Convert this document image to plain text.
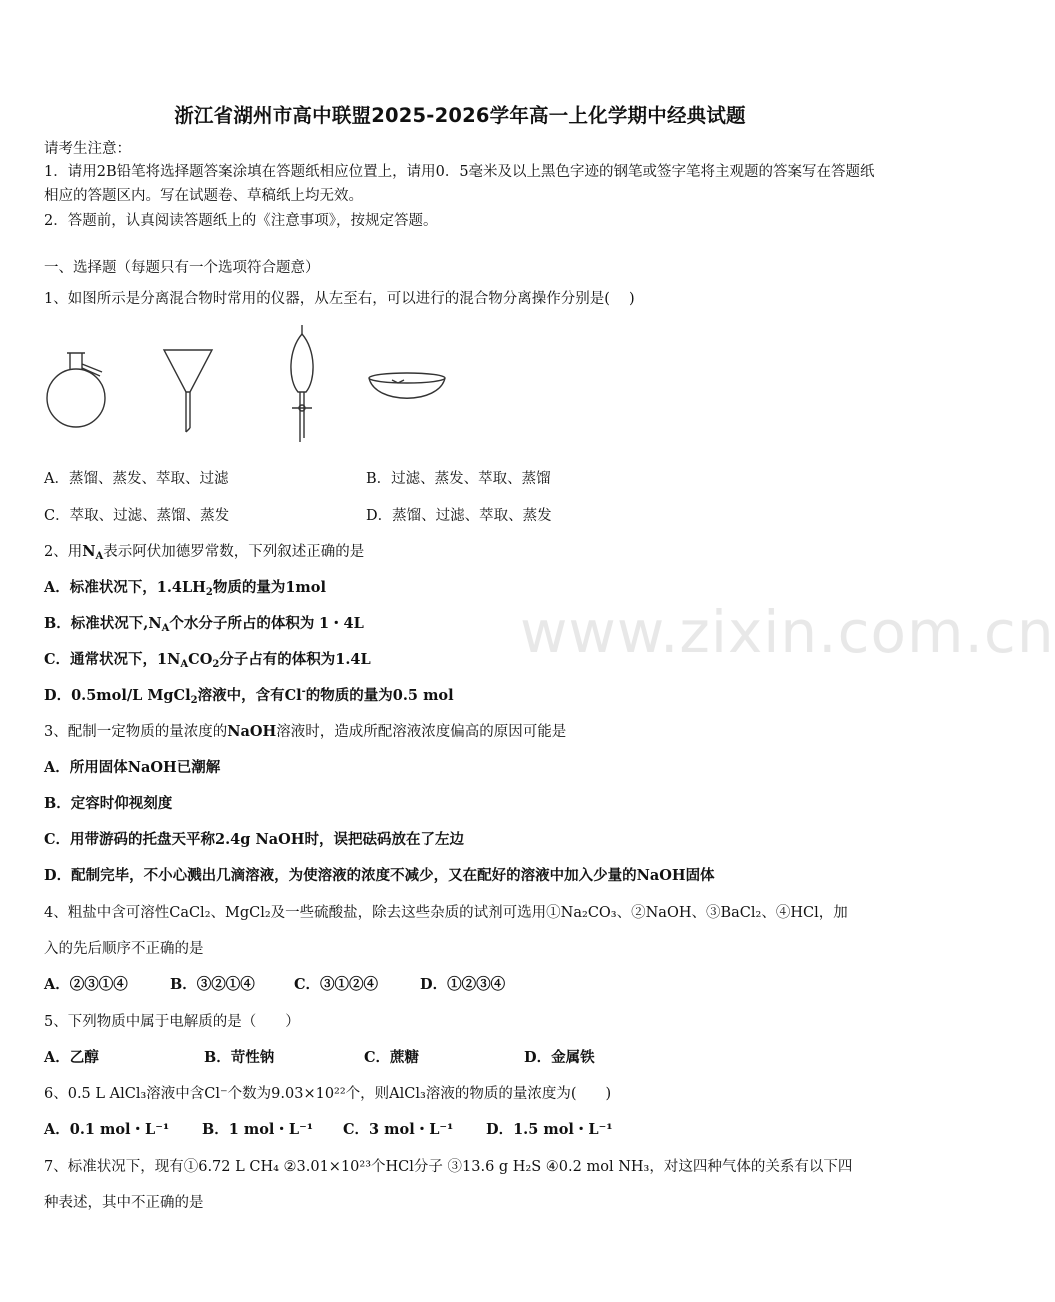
www.zixin.com.cn
浙江省湖州市高中联盟2025-2026学年高一上化学期中经典试题
请考生注意：
1．请用2B铅笔将选择题答案涂填在答题纸相应位置上，请用0．5毫米及以上黑色字迹的钢笔或签字笔将主观题的答案写在答题纸相应的答题区内。写在试题卷、草稿纸上均无效。
2．答题前，认真阅读答题纸上的《注意事项》，按规定答题。
一、选择题（每题只有一个选项符合题意）
1、如图所示是分离混合物时常用的仪器，从左至右，可以进行的混合物分离操作分别是(　 )
A．蒸馏、蒸发、萃取、过滤	B．过滤、蒸发、萃取、蒸馏
C．萃取、过滤、蒸馏、蒸发	D．蒸馏、过滤、萃取、蒸发
2、用$N_A$表示阿伏加德罗常数，下列叙述正确的是
A．标准状况下，$1.4LH_2$物质的量为1mol
B．标准状况下$,N_A$个水分子所占的体积为 1・4L
C．通常状况下，$1N_ACO_2$分子占有的体积为1.4L
D．0.5mol/L MgCl$_2$溶液中，含有Cl-的物质的量为0.5 mol
3、配制一定物质的量浓度的NaOH溶液时，造成所配溶液浓度偏高的原因可能是
A．所用固体NaOH已潮解
B．定容时仰视刻度
C．用带游码的托盘天平称2.4g NaOH时，误把砝码放在了左边
D．配制完毕，不小心溅出几滴溶液，为使溶液的浓度不减少，又在配好的溶液中加入少量的NaOH固体
4、粗盐中含可溶性CaCl₂、MgCl₂及一些硫酸盐，除去这些杂质的试剂可选用①Na₂CO₃、②NaOH、③BaCl₂、④HCl，加
入的先后顺序不正确的是
A．②③①④	B．③②①④	C．③①②④	D．①②③④
5、下列物质中属于电解质的是（　　）
A．乙醇	B．苛性钠	C．蔗糖	D．金属铁
6、0.5 L AlCl₃溶液中含Cl⁻个数为9.03×10²²个，则AlCl₃溶液的物质的量浓度为(　　)
A．0.1 mol・L⁻¹ B．1 mol・L⁻¹ C．3 mol・L⁻¹ D．1.5 mol・L⁻¹
7、标准状况下，现有①6.72 L CH₄ ②3.01×10²³个HCl分子 ③13.6 g H₂S ④0.2 mol NH₃，对这四种气体的关系有以下四
种表述，其中不正确的是
